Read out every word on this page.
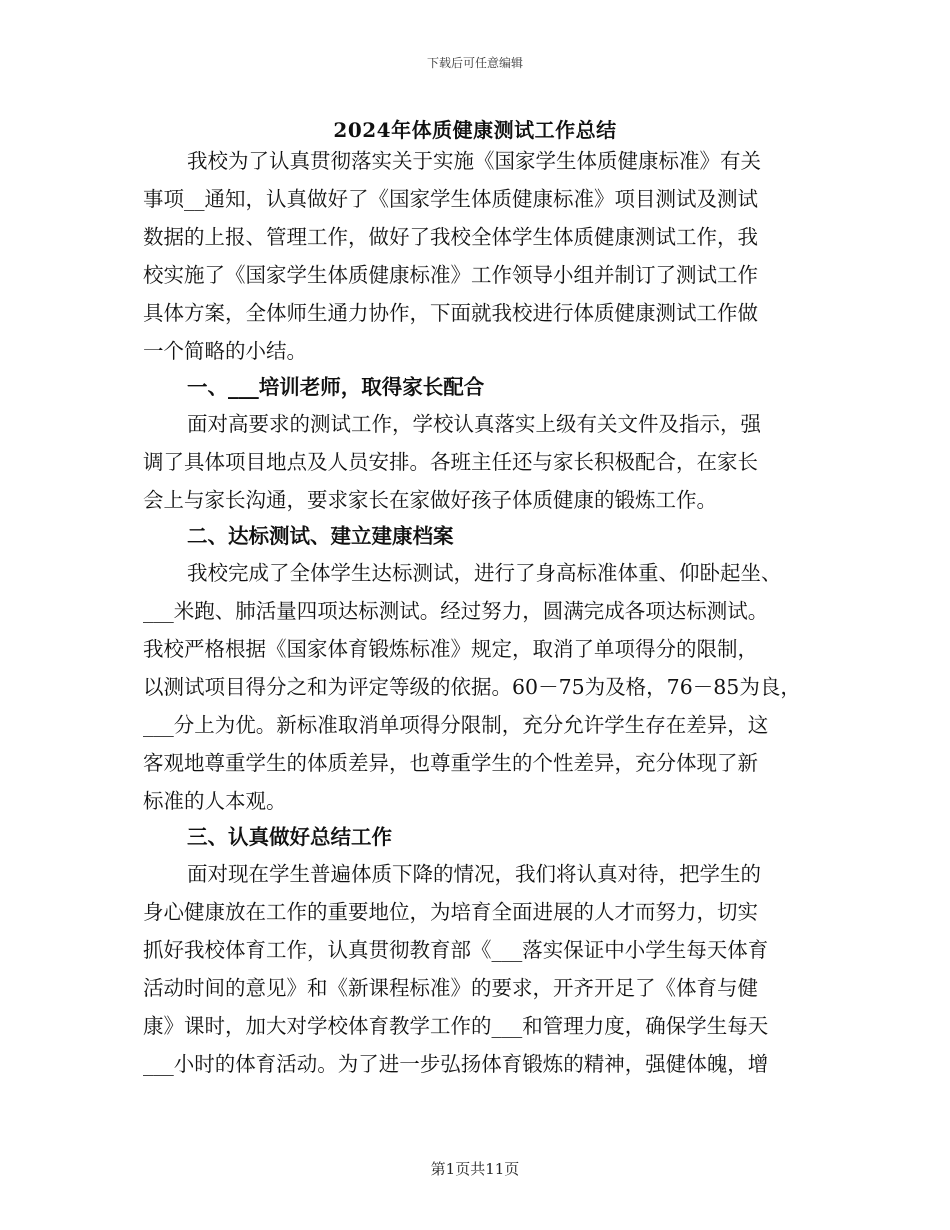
下载后可任意编辑
2024年体质健康测试工作总结
我校为了认真贯彻落实关于实施《国家学生体质健康标准》有关
事项__通知，认真做好了《国家学生体质健康标准》项目测试及测试
数据的上报、管理工作，做好了我校全体学生体质健康测试工作，我
校实施了《国家学生体质健康标准》工作领导小组并制订了测试工作
具体方案，全体师生通力协作，下面就我校进行体质健康测试工作做
一个简略的小结。
一、___培训老师，取得家长配合
面对高要求的测试工作，学校认真落实上级有关文件及指示，强
调了具体项目地点及人员安排。各班主任还与家长积极配合，在家长
会上与家长沟通，要求家长在家做好孩子体质健康的锻炼工作。
二、达标测试、建立建康档案
我校完成了全体学生达标测试，进行了身高标准体重、仰卧起坐、
___米跑、肺活量四项达标测试。经过努力，圆满完成各项达标测试。
我校严格根据《国家体育锻炼标准》规定，取消了单项得分的限制，
以测试项目得分之和为评定等级的依据。60－75为及格，76－85为良，
___分上为优。新标准取消单项得分限制，充分允许学生存在差异，这
客观地尊重学生的体质差异，也尊重学生的个性差异，充分体现了新
标准的人本观。
三、认真做好总结工作
面对现在学生普遍体质下降的情况，我们将认真对待，把学生的
身心健康放在工作的重要地位，为培育全面进展的人才而努力，切实
抓好我校体育工作，认真贯彻教育部《___落实保证中小学生每天体育
活动时间的意见》和《新课程标准》的要求，开齐开足了《体育与健
康》课时，加大对学校体育教学工作的___和管理力度，确保学生每天
___小时的体育活动。为了进一步弘扬体育锻炼的精神，强健体魄，增
第1页共11页
